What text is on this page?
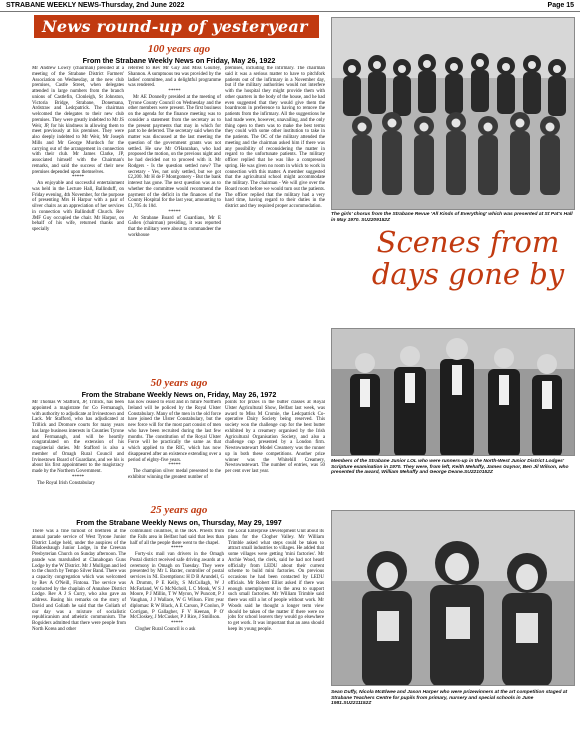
STRABANE WEEKLY NEWS-Thursday, 2nd June 2022	Page 15
News round-up of yesteryear
100 years ago
From the Strabane Weekly News on Friday, May 26, 1922

Mr Andrew Lowry (chairman) presided at a meeting of the Strabane District Farmers' Association on Wednesday, at the new club premises, Castle Street, when delegates attended in large numbers from the branch unions of Castlefin, Clonleigh, St Johnston, Victoria Bridge, Strabane, Donemana, Ardstraw and Ledcpatrick. The chairman welcomed the delegates to their new club premises. They were greatly indebted to Mr JS Weir, JP, for his kindness in allowing them to meet previously at his premises. They were also deeply indebted to Mr Weir, Mr Joseph Mills and Mr George Murdoch for the carrying out of the arrangement in connection with their club. Mr James Clarke, JP, associated himself with the Chairman's remarks, and said the success of their new premises depended upon themselves.

*****

An enjoyable and successful entertainment was held in the Lecture Hall, Ballinduff, on Friday evening, 4th November, for the purpose of presenting Mrs H Harpur with a pair of silver chairs as an appreciation of her services in connection with Ballinduff Church. Rev JMF Guy occupied the chair. Mr Harpur, on behalf of his wife, returned thanks and specially

referred to Rev Mr Guy and Miss Gourley, Shannon. A sumptuous tea was provided by the ladies' committee, and a delightful programme was rendered.

*****

Mr AE Donnelly presided at the meeting of Tyrone County Council on Wednesday and the other members were present. The first business on the agenda for the finance meeting was to consider a statement from the secretary as to the present payments that may in which for part to be deferred. The secretary said when the matter was discussed at the last meeting the question of the government grants was not settled. He saw Mr O'Hanrahan, who had proposed the motion, on the previous night and he had decided not to proceed with it. Mr Rodgers - Is the question settled now? The secretary - Yes, not only settled, but we got £2,200. Mr H de F Montgomery - But the bank interest has gone. The next question was as to whether the committee would recommend the payment of the deficit in the finances of the County Hospital for the last year, amounting to £1,705 4s 10d.

*****

At Strabane Board of Guardians, Mr E Gallen (chairman) presiding, it was reported that the military were about to commandeer the workhouse

premises, including the infirmary. The chairman said it was a serious matter to have to pitchfork patients out of the infirmary in a November day, but if the military authorities would not interfere with the hospital they might provide them with other quarters in the body of the house, and he had even suggested that they would give them the boardroom in preference to having to remove the patients from the infirmary. All the suggestions he had made were, however, unavailing, and the only thing open to them was to make the best terms they could with some other institution to take in the patients. The OC of the military attended the meeting and the chairman asked him if there was any possibility of reconsidering the matter in regard to the unfortunate patients. The military officer replied that he was like a compressed spring. He was given no room in which to work in connection with this matter. A member suggested that the agricultural school might accommodate the military. The chairman - We will give over the Board room before we would turn out the patients. The officer replied that the military had a very hard time, having regard to their duties in the district and they required proper accommodation.

The girls' chorus from the Strabane Revue 'All Kinds of Everything' which was presented at St Pat's Hall in May 1970. SU2209152Z
Scenes from
days gone by
50 years ago
From the Strabane Weekly News on, Friday, May 26, 1972

Mr Thomas W Stafford, JP, Trillick, has been appointed a magistrate for Co Fermanagh, with authority to adjudicate at Irvinestown and Lack. Mr Stafford, who has adjudicated at Trillick and Dromore courts for many years has large business interests in Counties Tyrone and Fermanagh, and will be heartily congratulated on the extension of his magisterial duties. Mr Stafford is also a member of Omagh Rural Council and Irvinestown Board of Guardians, and we his is about his first appointment to the magistracy made by the Northern Government.

*****

The Royal Irish Constabulary

has now ceased to exist and in future Northern Ireland will be policed by the Royal Ulster Constabulary. Many of the men in the old force have joined the Ulster Constabulary, but the new force will for the most part consist of men who have been recruited during the last few months. The constitution of the Royal Ulster Force will be practically the same as that which applied to the RIC, which has now disappeared after an existence extending over a period of eighty-five years.

*****

The champion silver medal presented to the exhibitor winning the greatest number of

points for prizes in the butter classes at Royal Ulster Agricultural Show, Belfast last week, was award to Miss M Cromie, the Ledcpatrick Co-operative Dairy Society being reserved. This society won the challenge cup for the best butter exhibited by a creamery organised by the Irish Agricultural Organisation Society, and also a challenge cup presented by a London firm. Newtownstewart Model Creamery was the runner up in both these competitions. Another prize winner was the Whitehill Creamery, Newtownstewart. The number of entries, was 50 per cent over last year.

Members of the Strabane Junior LOL who were runners-up in the North-West Junior District Lodges' Scripture examination in 1970. They were, from left, Keith Mehaffy, James Gaynor, Ben Jil Wilson, who presented the award, William Mehaffy and George Deane.SU2210152Z
25 years ago
From the Strabane Weekly News on, Thursday, May 29, 1997

There was a fine turnout of brethren at the annual parade service of West Tyrone Junior District Lodge held, under the auspices of the Bladoesbaugh Junior Lodge, in the Creevan Presbyterian Church on Sunday afternoon. The parade was marshalled at Clanabogan Guns Lodge by the W District. Mr J Mulligan and led to the church by Tempo Silver Band. There was a capacity congregation which was welcomed by Rev A O'Neill, Fintona. The service was conducted by the chaplain of Annahoe District Lodge. Rev A J S Curry, who also gave an address. Basing his remarks on the story of David and Goliath he said that the Goliath of our day was a mixture of socialistic republicanism and atheistic communism. The Bogsiders admitted that there were people from North Korea and other

communist countries, in the IRA. Priests from the Falls area in Belfast had said that less than half of all the people there went to the chapel.

*****

Forty-six mail van drivers in the Omagh Postal district received safe driving awards at a ceremony in Omagh on Tuesday. They were presented by Mr L Baxter, controller of postal services in NI. Exemptions: H D B Arundell, G A Drumm, P E Kelly, S McCullagh, W J McFarland, W G McNicholl, L C Monk, W S J Moore, P J Millin, T W Myron, W Puncott, P J Vaughan, J J Wallace, W G Wilson. First year diplomas: R W Black, A E Carson, P Conlon, P Corrigan, P Gallagher, F V Keenan, P O' McCloskey, J McCusker, P J Rice, J Smillson.

*****

Clogher Rural Council is o ask

the Local Enterprise Development Unit about its plans for the Clogher Valley. Mr William Trimble asked what steps could be taken to attract small industries to villages. He added that some villages were getting 'mini factories'. Mr Archie Wood, the clerk, said he had not heard officially from LEDU about their current scheme to build mini factories. On previous occasions he had been contacted by LEDU officials. Mr Robert Elliot asked if there was enough unemployment in the area to support such small factories. Mr William Trimble said there was still a lot of people without work. Mr Woods said he thought a longer term view should be taken of the matter if there were no jobs for school leavers they would go elsewhere to get work. It was important that an area should keep its young people.

Sean Duffy, Nicola McElwee and Jason Harper who were prizewinners at the art competition staged at Strabane Teachers Centre for pupils from primary, nursery and special schools in June 1981.SU2211152Z
